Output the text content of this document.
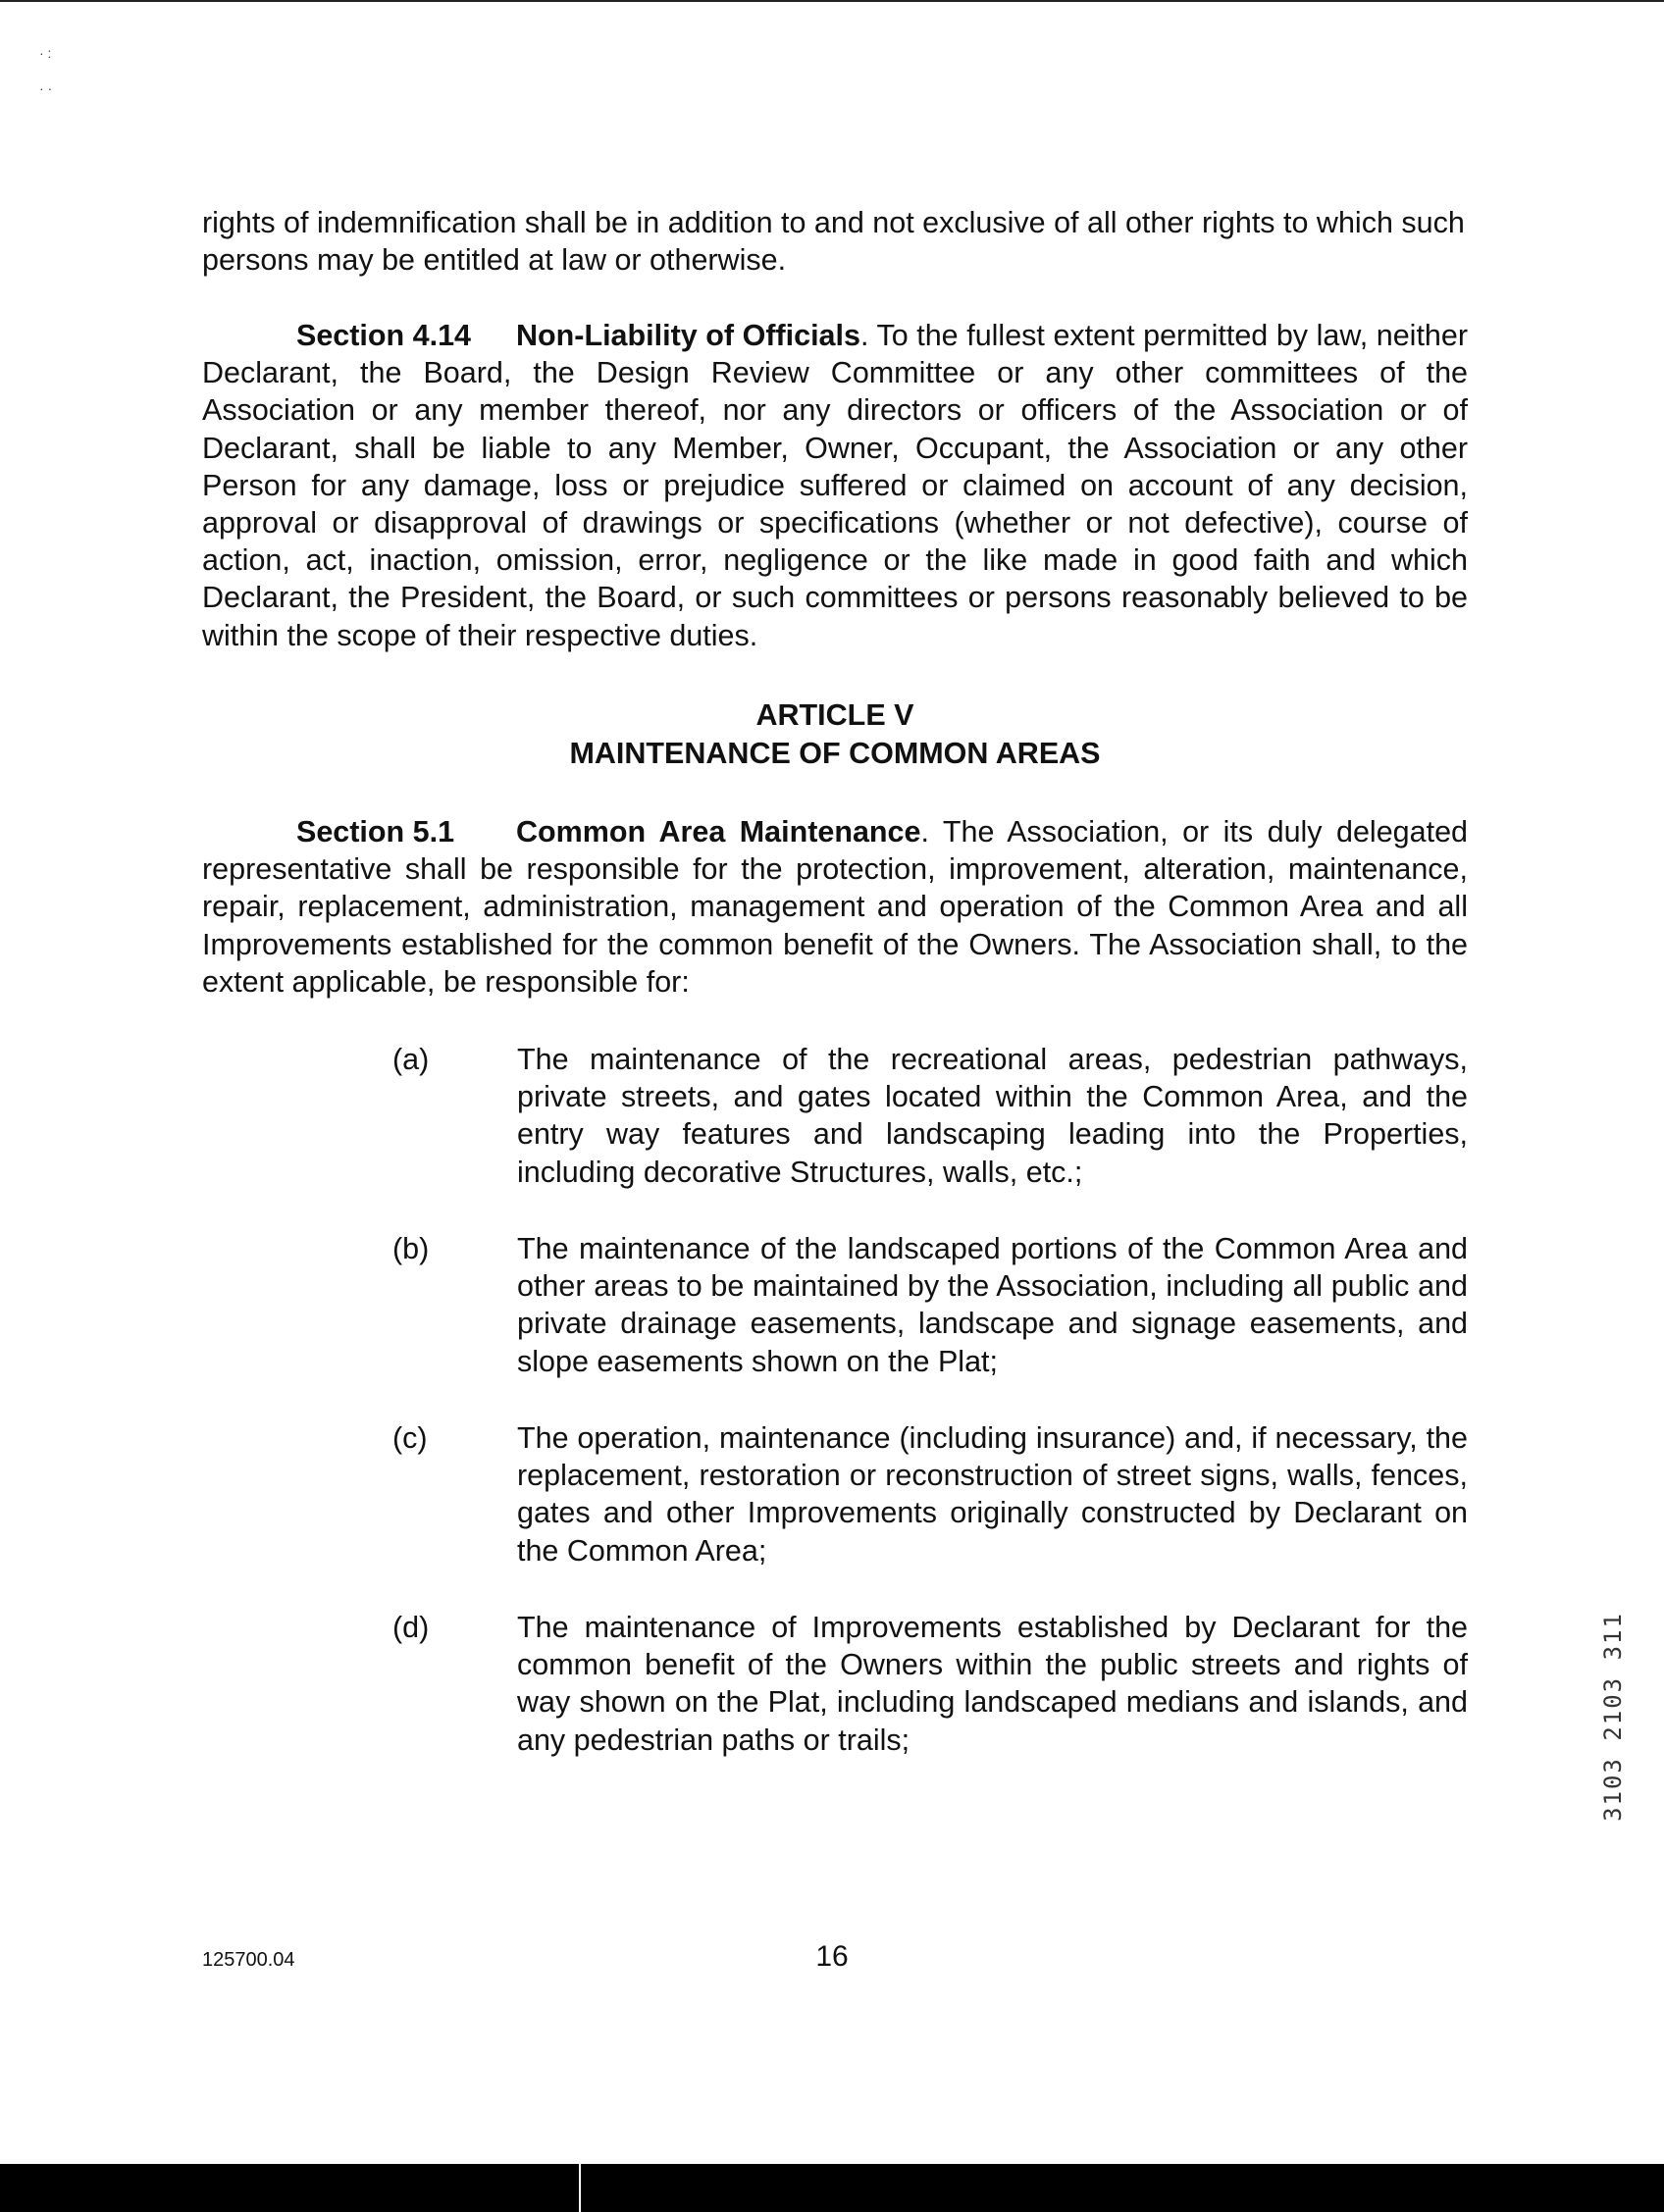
· :
· ·

rights of indemnification shall be in addition to and not exclusive of all other rights to which such persons may be entitled at law or otherwise.

Section 4.14 Non-Liability of Officials. To the fullest extent permitted by law, neither Declarant, the Board, the Design Review Committee or any other committees of the Association or any member thereof, nor any directors or officers of the Association or of Declarant, shall be liable to any Member, Owner, Occupant, the Association or any other Person for any damage, loss or prejudice suffered or claimed on account of any decision, approval or disapproval of drawings or specifications (whether or not defective), course of action, act, inaction, omission, error, negligence or the like made in good faith and which Declarant, the President, the Board, or such committees or persons reasonably believed to be within the scope of their respective duties.

ARTICLE V
MAINTENANCE OF COMMON AREAS

Section 5.1 Common Area Maintenance. The Association, or its duly delegated representative shall be responsible for the protection, improvement, alteration, maintenance, repair, replacement, administration, management and operation of the Common Area and all Improvements established for the common benefit of the Owners. The Association shall, to the extent applicable, be responsible for:

(a)	The maintenance of the recreational areas, pedestrian pathways, private streets, and gates located within the Common Area, and the entry way features and landscaping leading into the Properties, including decorative Structures, walls, etc.;
(b)	The maintenance of the landscaped portions of the Common Area and other areas to be maintained by the Association, including all public and private drainage easements, landscape and signage easements, and slope easements shown on the Plat;
(c)	The operation, maintenance (including insurance) and, if necessary, the replacement, restoration or reconstruction of street signs, walls, fences, gates and other Improvements originally constructed by Declarant on the Common Area;
(d)	The maintenance of Improvements established by Declarant for the common benefit of the Owners within the public streets and rights of way shown on the Plat, including landscaped medians and islands, and any pedestrian paths or trails;	3103 2103 311
125700.04	16
